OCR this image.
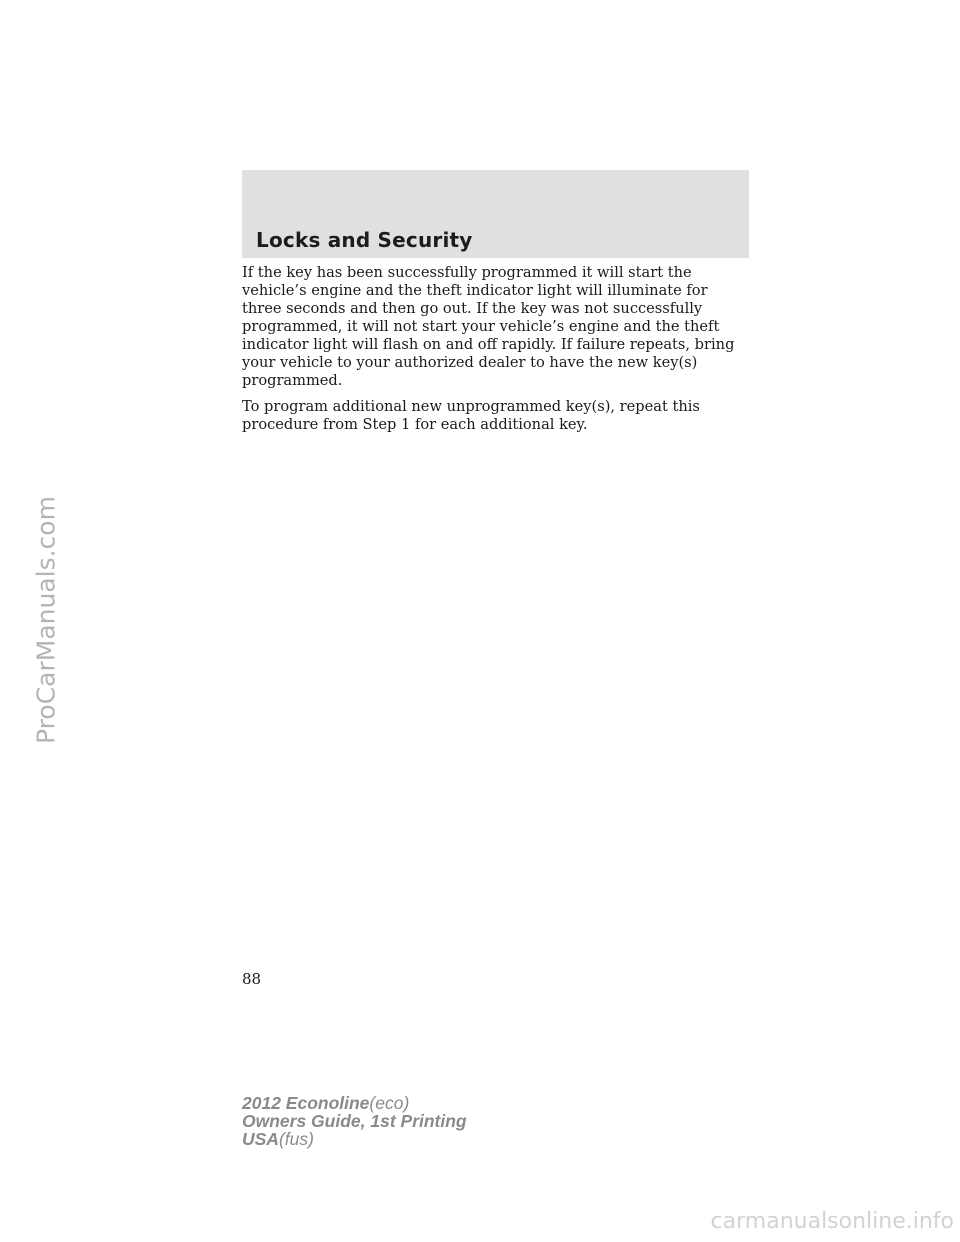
Locks and Security

If the key has been successfully programmed it will start the vehicle’s engine and the theft indicator light will illuminate for three seconds and then go out. If the key was not successfully programmed, it will not start your vehicle’s engine and the theft indicator light will flash on and off rapidly. If failure repeats, bring your vehicle to your authorized dealer to have the new key(s) programmed.

To program additional new unprogrammed key(s), repeat this procedure from Step 1 for each additional key.

88
2012 Econoline(eco)
Owners Guide, 1st Printing
USA(fus)
ProCarManuals.com
carmanualsonline.info
